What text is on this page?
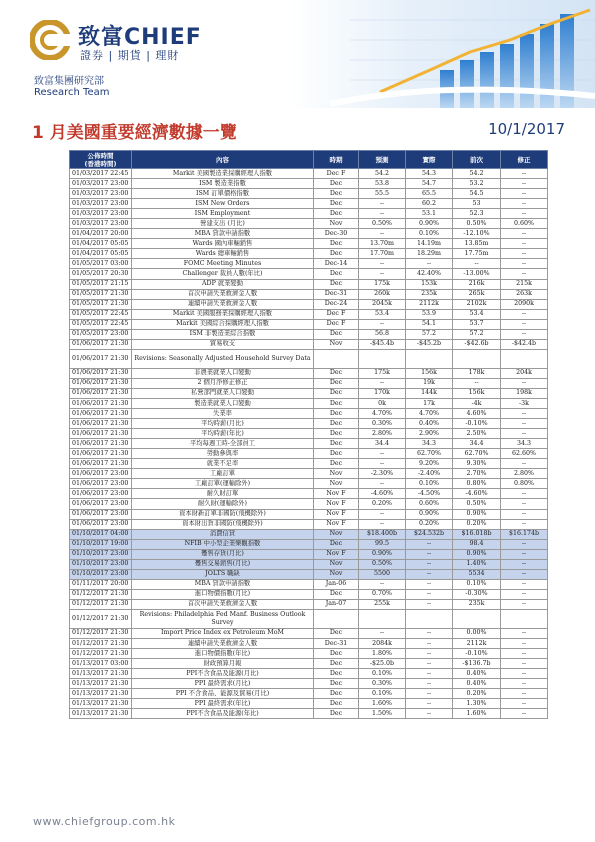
致富CHIEF
證券 | 期貨 | 理財
致富集團研究部
Research Team
1 月美國重要經濟數據一覽	10/1/2017
公佈時間
(香港時間)	內容	時期	預測	實際	前次	修正
01/03/2017 22:45	Markit 美國製造業採購經理人指數	Dec F	54.2	54.3	54.2	--
01/03/2017 23:00	ISM 製造業指數	Dec	53.8	54.7	53.2	--
01/03/2017 23:00	ISM 訂單價格指數	Dec	55.5	65.5	54.5	--
01/03/2017 23:00	ISM New Orders	Dec	--	60.2	53	--
01/03/2017 23:00	ISM Employment	Dec	--	53.1	52.3	--
01/03/2017 23:00	營建支出 (月比)	Nov	0.50%	0.90%	0.50%	0.60%
01/04/2017 20:00	MBA 貸款申請指數	Dec-30	--	0.10%	-12.10%	--
01/04/2017 05:05	Wards 國內車輛銷售	Dec	13.70m	14.19m	13.85m	--
01/04/2017 05:05	Wards 總車輛銷售	Dec	17.70m	18.29m	17.75m	--
01/05/2017 03:00	FOMC Meeting Minutes	Dec-14	--	--	--	--
01/05/2017 20:30	Challenger 裁員人數(年比)	Dec	--	42.40%	-13.00%	--
01/05/2017 21:15	ADP 就業變動	Dec	175k	153k	216k	215k
01/05/2017 21:30	首次申請失業救濟金人數	Dec-31	260k	235k	265k	263k
01/05/2017 21:30	連續申請失業救濟金人數	Dec-24	2045k	2112k	2102k	2090k
01/05/2017 22:45	Markit 美國服務業採購經理人指數	Dec F	53.4	53.9	53.4	--
01/05/2017 22:45	Markit 美國綜合採購經理人指數	Dec F	--	54.1	53.7	--
01/05/2017 23:00	ISM 非製造業綜合指數	Dec	56.8	57.2	57.2	--
01/06/2017 21:30	貿易收支	Nov	-$45.4b	-$45.2b	-$42.6b	-$42.4b
01/06/2017 21:30	Revisions: Seasonally Adjusted Household Survey Data					
01/06/2017 21:30	非農業就業人口變動	Dec	175k	156k	178k	204k
01/06/2017 21:30	2 個月淨修正修正	Dec	--	19k	--	--
01/06/2017 21:30	私營部門就業人口變動	Dec	170k	144k	156k	198k
01/06/2017 21:30	製造業就業人口變動	Dec	0k	17k	-4k	-3k
01/06/2017 21:30	失業率	Dec	4.70%	4.70%	4.60%	--
01/06/2017 21:30	平均時薪(月比)	Dec	0.30%	0.40%	-0.10%	--
01/06/2017 21:30	平均時薪(年比)	Dec	2.80%	2.90%	2.50%	--
01/06/2017 21:30	平均每週工時-全部員工	Dec	34.4	34.3	34.4	34.3
01/06/2017 21:30	勞動參與率	Dec	--	62.70%	62.70%	62.60%
01/06/2017 21:30	就業不足率	Dec	--	9.20%	9.30%	--
01/06/2017 23:00	工廠訂單	Nov	-2.30%	-2.40%	2.70%	2.80%
01/06/2017 23:00	工廠訂單(運輸除外)	Nov	--	0.10%	0.80%	0.80%
01/06/2017 23:00	耐久財訂單	Nov F	-4.60%	-4.50%	-4.60%	--
01/06/2017 23:00	耐久財(運輸除外)	Nov F	0.20%	0.60%	0.50%	--
01/06/2017 23:00	資本財新訂單非國防(飛機除外)	Nov F	--	0.90%	0.90%	--
01/06/2017 23:00	資本財出貨非國防(飛機除外)	Nov F	--	0.20%	0.20%	--
01/10/2017 04:00	消費信貸	Nov	$18.400b	$24.532b	$16.018b	$16.174b
01/10/2017 19:00	NFIB 中小型企業樂觀指數	Dec	99.5	--	98.4	--
01/10/2017 23:00	躉售存貨(月比)	Nov F	0.90%	--	0.90%	--
01/10/2017 23:00	躉售交易銷售(月比)	Nov	0.50%	--	1.40%	--
01/10/2017 23:00	JOLTS 職缺	Nov	5500	--	5534	--
01/11/2017 20:00	MBA 貸款申請指數	Jan-06	--	--	0.10%	--
01/12/2017 21:30	進口物價指數(月比)	Dec	0.70%	--	-0.30%	--
01/12/2017 21:30	首次申請失業救濟金人數	Jan-07	255k	--	235k	--
01/12/2017 21:30	Revisions: Philadelphia Fed Manf. Business Outlook Survey					
01/12/2017 21:30	Import Price Index ex Petroleum MoM	Dec	--	--	0.00%	--
01/12/2017 21:30	連續申請失業救濟金人數	Dec-31	2084k	--	2112k	--
01/12/2017 21:30	進口物價指數(年比)	Dec	1.80%	--	-0.10%	--
01/13/2017 03:00	財政預算月報	Dec	-$25.0b	--	-$136.7b	--
01/13/2017 21:30	PPI不含食品及能源(月比)	Dec	0.10%	--	0.40%	--
01/13/2017 21:30	PPI 最終需求(月比)	Dec	0.30%	--	0.40%	--
01/13/2017 21:30	PPI 不含食品、能源及貿易(月比)	Dec	0.10%	--	0.20%	--
01/13/2017 21:30	PPI 最終需求(年比)	Dec	1.60%	--	1.30%	--
01/13/2017 21:30	PPI不含食品及能源(年比)	Dec	1.50%	--	1.60%	--
www.chiefgroup.com.hk
